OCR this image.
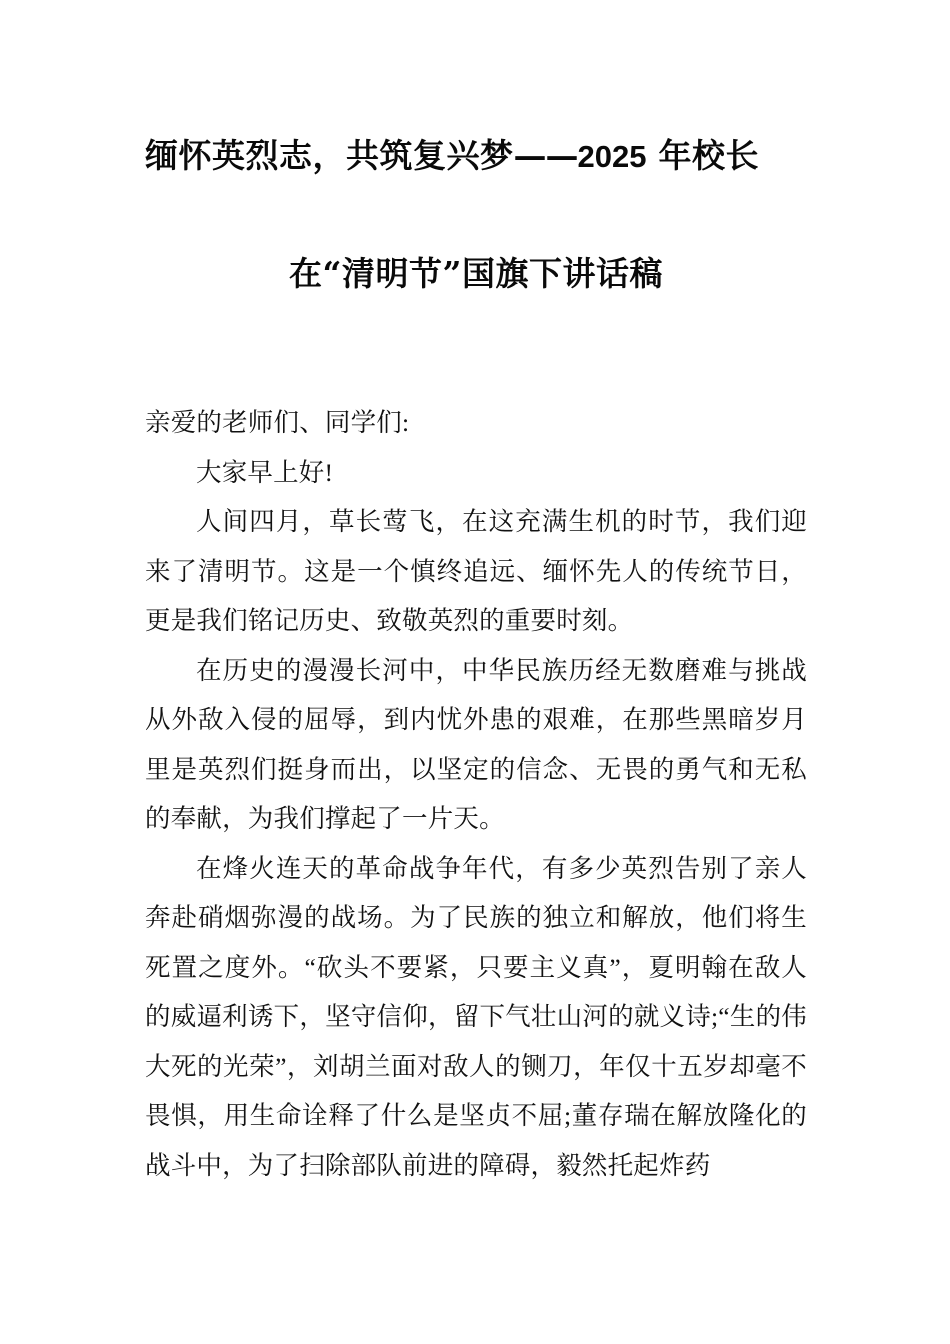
缅怀英烈志，共筑复兴梦——2025 年校长
在“清明节”国旗下讲话稿

亲爱的老师们、同学们:

大家早上好!

人间四月，草长莺飞，在这充满生机的时节，我们迎来了清明节。这是一个慎终追远、缅怀先人的传统节日，更是我们铭记历史、致敬英烈的重要时刻。

在历史的漫漫长河中，中华民族历经无数磨难与挑战从外敌入侵的屈辱，到内忧外患的艰难，在那些黑暗岁月里是英烈们挺身而出，以坚定的信念、无畏的勇气和无私的奉献，为我们撑起了一片天。

在烽火连天的革命战争年代，有多少英烈告别了亲人奔赴硝烟弥漫的战场。为了民族的独立和解放，他们将生死置之度外。“砍头不要紧，只要主义真”，夏明翰在敌人的威逼利诱下，坚守信仰，留下气壮山河的就义诗;“生的伟大死的光荣”，刘胡兰面对敌人的铡刀，年仅十五岁却毫不畏惧，用生命诠释了什么是坚贞不屈;董存瑞在解放隆化的战斗中，为了扫除部队前进的障碍，毅然托起炸药
